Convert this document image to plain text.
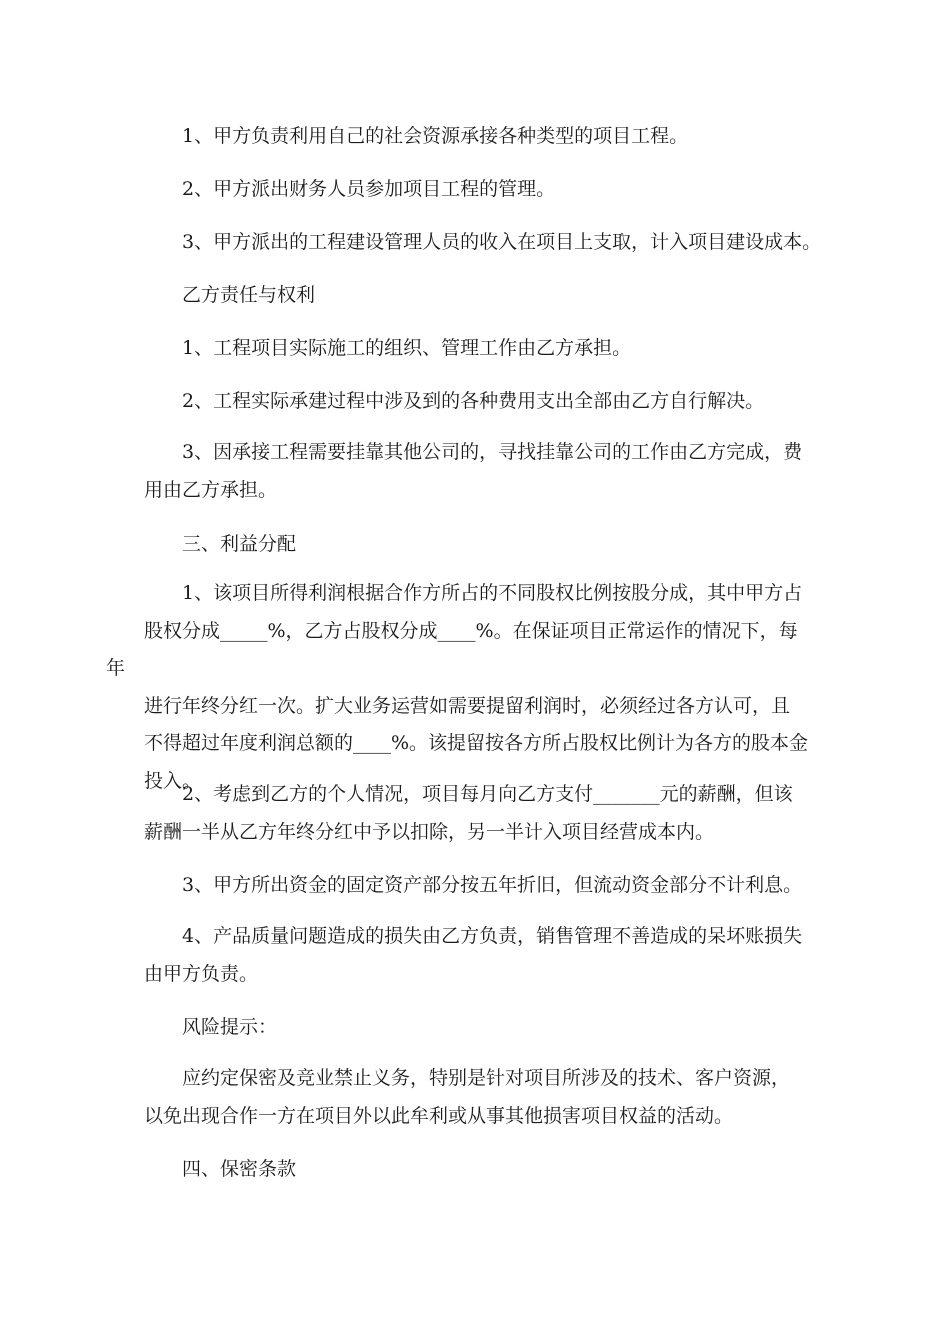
1、甲方负责利用自己的社会资源承接各种类型的项目工程。

2、甲方派出财务人员参加项目工程的管理。

3、甲方派出的工程建设管理人员的收入在项目上支取，计入项目建设成本。

乙方责任与权利

1、工程项目实际施工的组织、管理工作由乙方承担。

2、工程实际承建过程中涉及到的各种费用支出全部由乙方自行解决。

3、因承接工程需要挂靠其他公司的，寻找挂靠公司的工作由乙方完成，费
用由乙方承担。

三、利益分配

1、该项目所得利润根据合作方所占的不同股权比例按股分成，其中甲方占
股权分成_____%，乙方占股权分成____%。在保证项目正常运作的情况下，每年
进行年终分红一次。扩大业务运营如需要提留利润时，必须经过各方认可，且
不得超过年度利润总额的____%。该提留按各方所占股权比例计为各方的股本金
投入。

2、考虑到乙方的个人情况，项目每月向乙方支付_______元的薪酬，但该
薪酬一半从乙方年终分红中予以扣除，另一半计入项目经营成本内。

3、甲方所出资金的固定资产部分按五年折旧，但流动资金部分不计利息。

4、产品质量问题造成的损失由乙方负责，销售管理不善造成的呆坏账损失
由甲方负责。

风险提示：

应约定保密及竞业禁止义务，特别是针对项目所涉及的技术、客户资源，
以免出现合作一方在项目外以此牟利或从事其他损害项目权益的活动。

四、保密条款
